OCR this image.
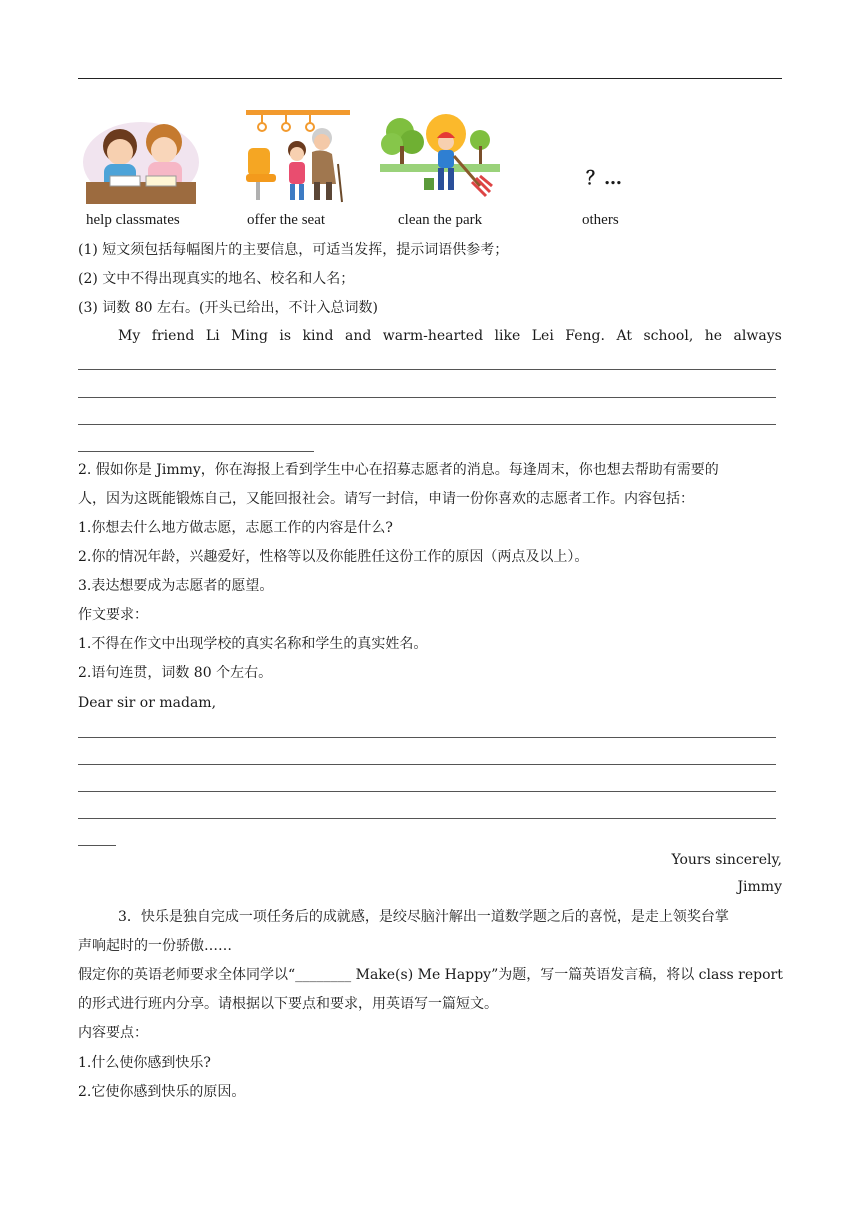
？…
help classmates	offer the seat	clean the park	others
(1) 短文须包括每幅图片的主要信息，可适当发挥，提示词语供参考；
(2) 文中不得出现真实的地名、校名和人名；
(3) 词数 80 左右。(开头已给出，不计入总词数)
My friend Li Ming is kind and warm-hearted like Lei Feng. At school, he always
2. 假如你是 Jimmy，你在海报上看到学生中心在招募志愿者的消息。每逢周末，你也想去帮助有需要的
人，因为这既能锻炼自己，又能回报社会。请写一封信，申请一份你喜欢的志愿者工作。内容包括：
1.你想去什么地方做志愿，志愿工作的内容是什么?
2.你的情况年龄，兴趣爱好，性格等以及你能胜任这份工作的原因（两点及以上）。
3.表达想要成为志愿者的愿望。
作文要求：
1.不得在作文中出现学校的真实名称和学生的真实姓名。
2.语句连贯，词数 80 个左右。
Dear sir or madam,
Yours sincerely,
Jimmy
3．快乐是独自完成一项任务后的成就感，是绞尽脑汁解出一道数学题之后的喜悦，是走上领奖台掌
声响起时的一份骄傲……
假定你的英语老师要求全体同学以“________ Make(s) Me Happy”为题，写一篇英语发言稿，将以 class report
的形式进行班内分享。请根据以下要点和要求，用英语写一篇短文。
内容要点：
1.什么使你感到快乐?
2.它使你感到快乐的原因。
